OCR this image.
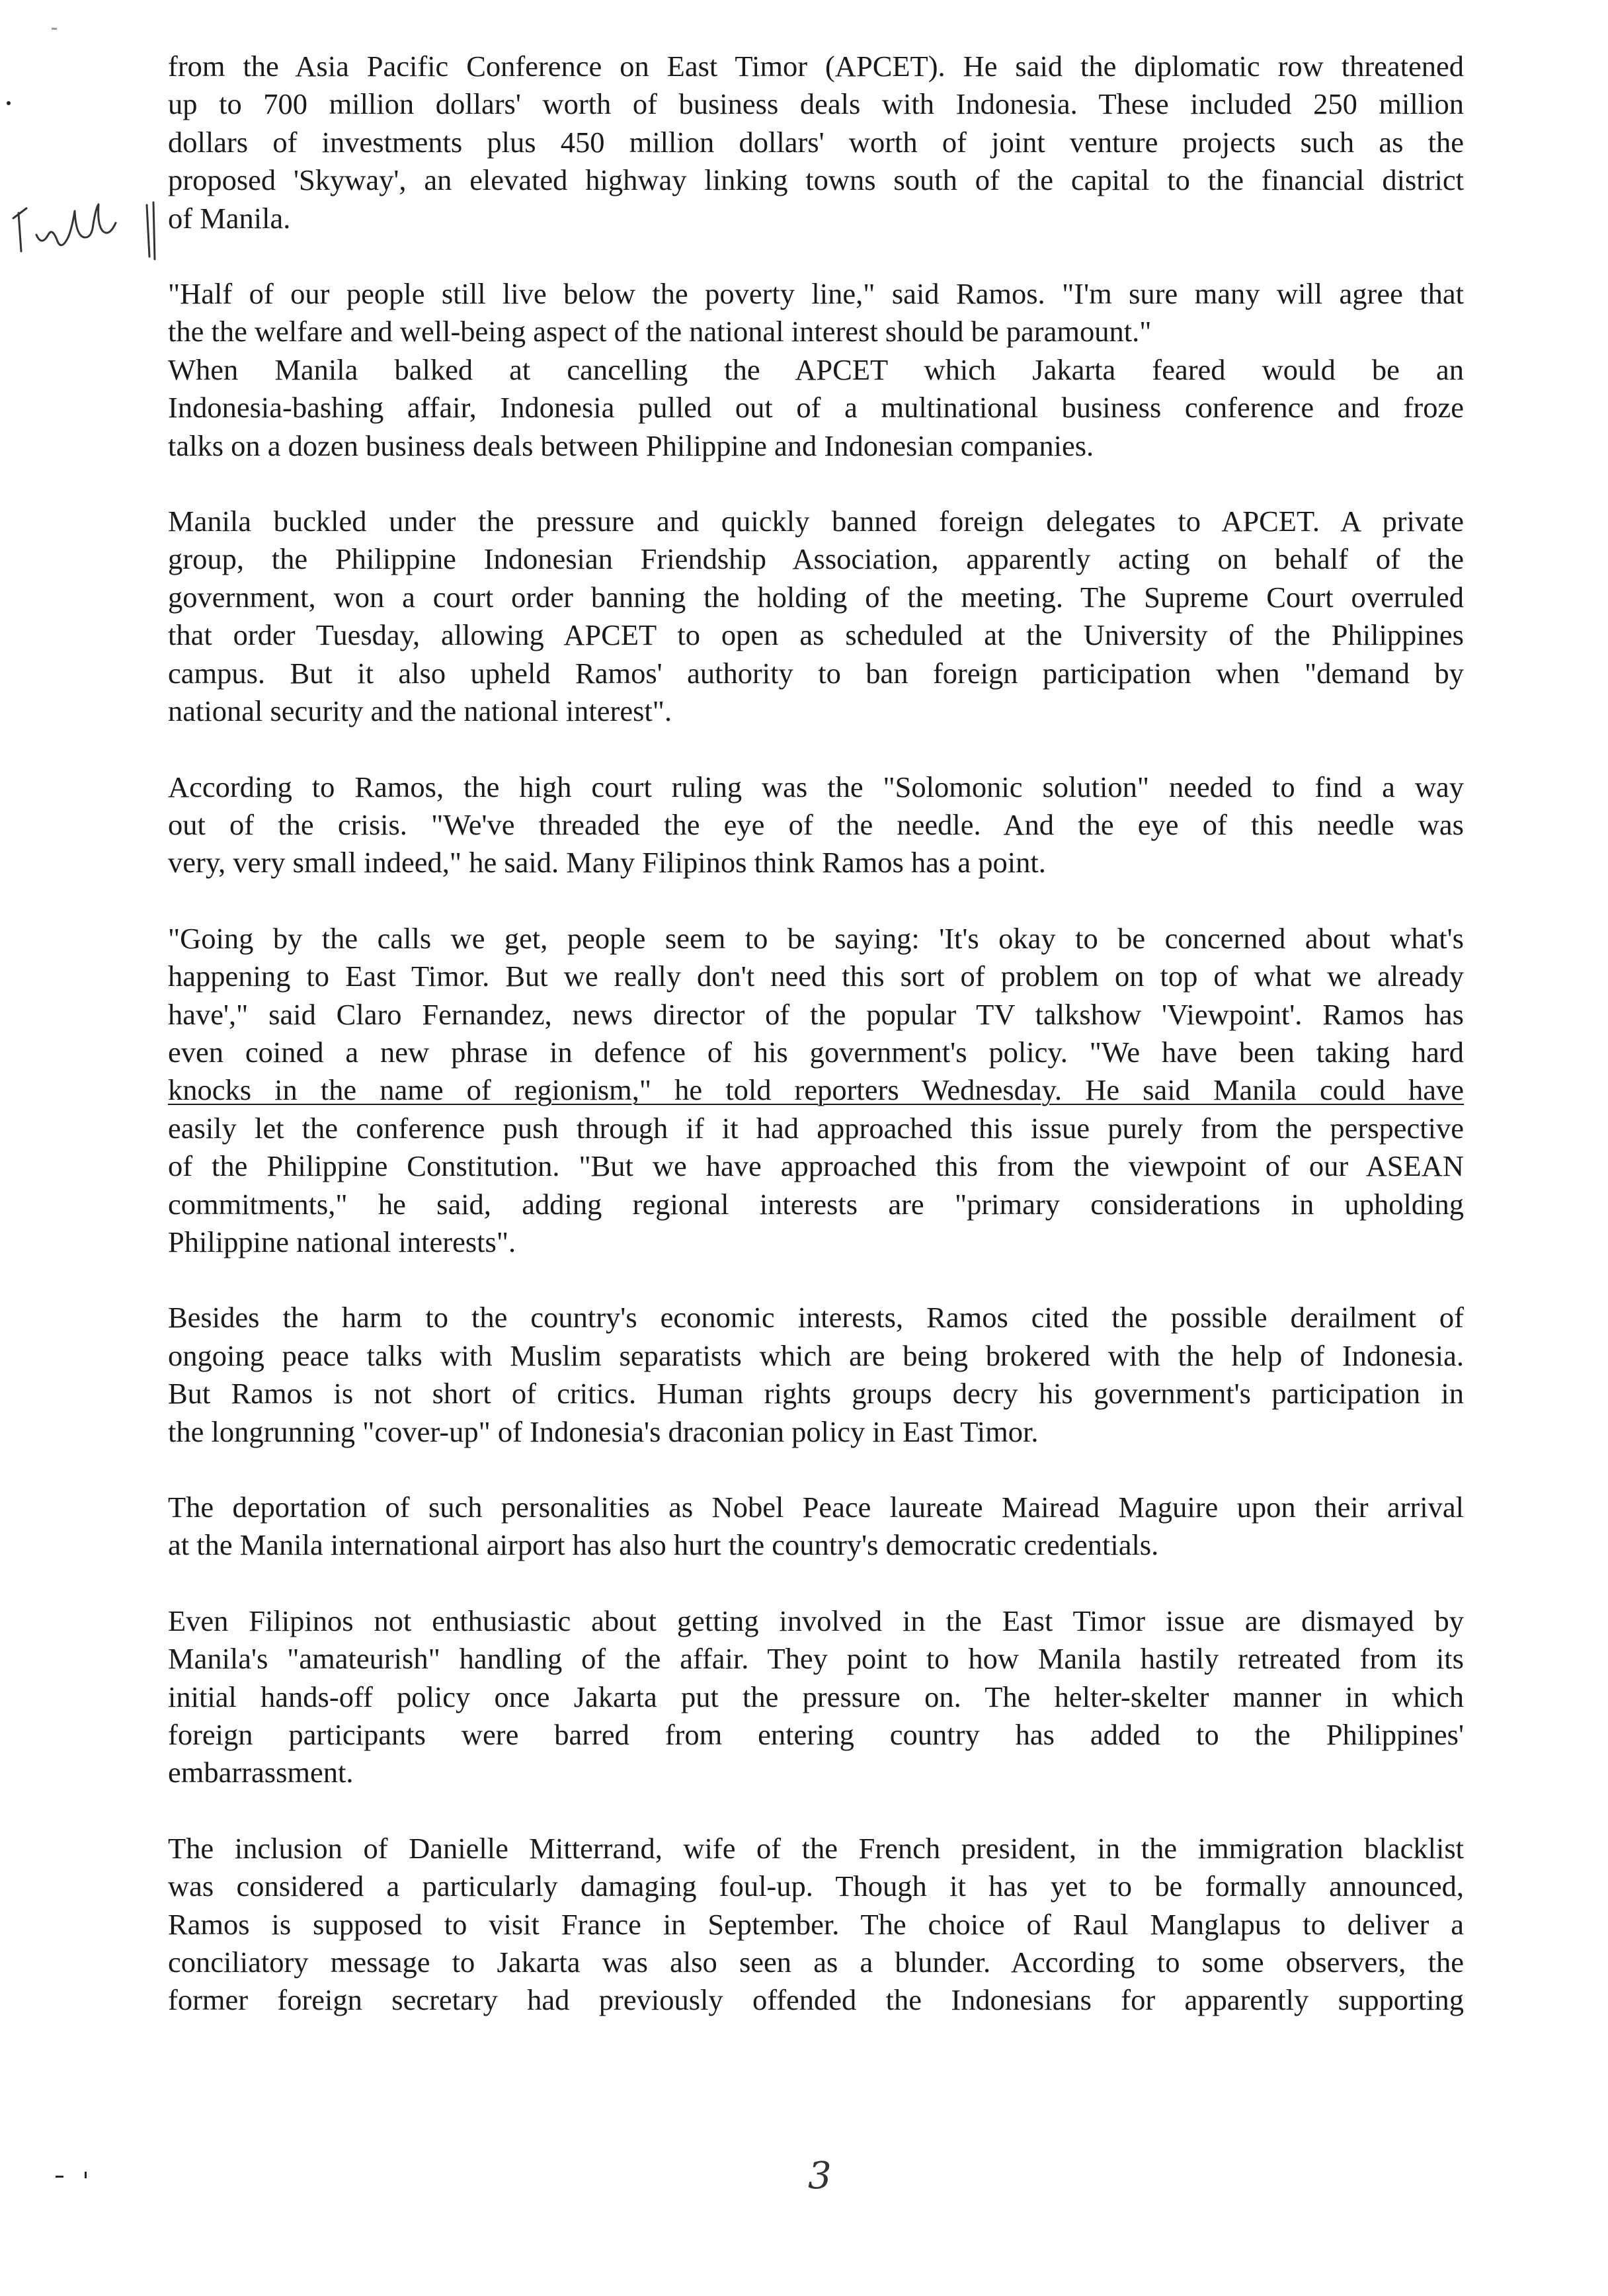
from the Asia Pacific Conference on East Timor (APCET). He said the diplomatic row threatened
up to 700 million dollars' worth of business deals with Indonesia. These included 250 million
dollars of investments plus 450 million dollars' worth of joint venture projects such as the
proposed 'Skyway', an elevated highway linking towns south of the capital to the financial district
of Manila.

"Half of our people still live below the poverty line," said Ramos. "I'm sure many will agree that
the the welfare and well-being aspect of the national interest should be paramount."

When Manila balked at cancelling the APCET which Jakarta feared would be an
Indonesia-bashing affair, Indonesia pulled out of a multinational business conference and froze
talks on a dozen business deals between Philippine and Indonesian companies.

Manila buckled under the pressure and quickly banned foreign delegates to APCET. A private
group, the Philippine Indonesian Friendship Association, apparently acting on behalf of the
government, won a court order banning the holding of the meeting. The Supreme Court overruled
that order Tuesday, allowing APCET to open as scheduled at the University of the Philippines
campus. But it also upheld Ramos' authority to ban foreign participation when "demand by
national security and the national interest".

According to Ramos, the high court ruling was the "Solomonic solution" needed to find a way
out of the crisis. "We've threaded the eye of the needle. And the eye of this needle was
very, very small indeed," he said. Many Filipinos think Ramos has a point.

"Going by the calls we get, people seem to be saying: 'It's okay to be concerned about what's
happening to East Timor. But we really don't need this sort of problem on top of what we already
have'," said Claro Fernandez, news director of the popular TV talkshow 'Viewpoint'. Ramos has
even coined a new phrase in defence of his government's policy. "We have been taking hard
knocks in the name of regionism," he told reporters Wednesday. He said Manila could have
easily let the conference push through if it had approached this issue purely from the perspective
of the Philippine Constitution. "But we have approached this from the viewpoint of our ASEAN
commitments," he said, adding regional interests are "primary considerations in upholding
Philippine national interests".

Besides the harm to the country's economic interests, Ramos cited the possible derailment of
ongoing peace talks with Muslim separatists which are being brokered with the help of Indonesia.
But Ramos is not short of critics. Human rights groups decry his government's participation in
the longrunning "cover-up" of Indonesia's draconian policy in East Timor.

The deportation of such personalities as Nobel Peace laureate Mairead Maguire upon their arrival
at the Manila international airport has also hurt the country's democratic credentials.

Even Filipinos not enthusiastic about getting involved in the East Timor issue are dismayed by
Manila's "amateurish" handling of the affair. They point to how Manila hastily retreated from its
initial hands-off policy once Jakarta put the pressure on. The helter-skelter manner in which
foreign participants were barred from entering country has added to the Philippines'
embarrassment.

The inclusion of Danielle Mitterrand, wife of the French president, in the immigration blacklist
was considered a particularly damaging foul-up. Though it has yet to be formally announced,
Ramos is supposed to visit France in September. The choice of Raul Manglapus to deliver a
conciliatory message to Jakarta was also seen as a blunder. According to some observers, the
former foreign secretary had previously offended the Indonesians for apparently supporting

3
